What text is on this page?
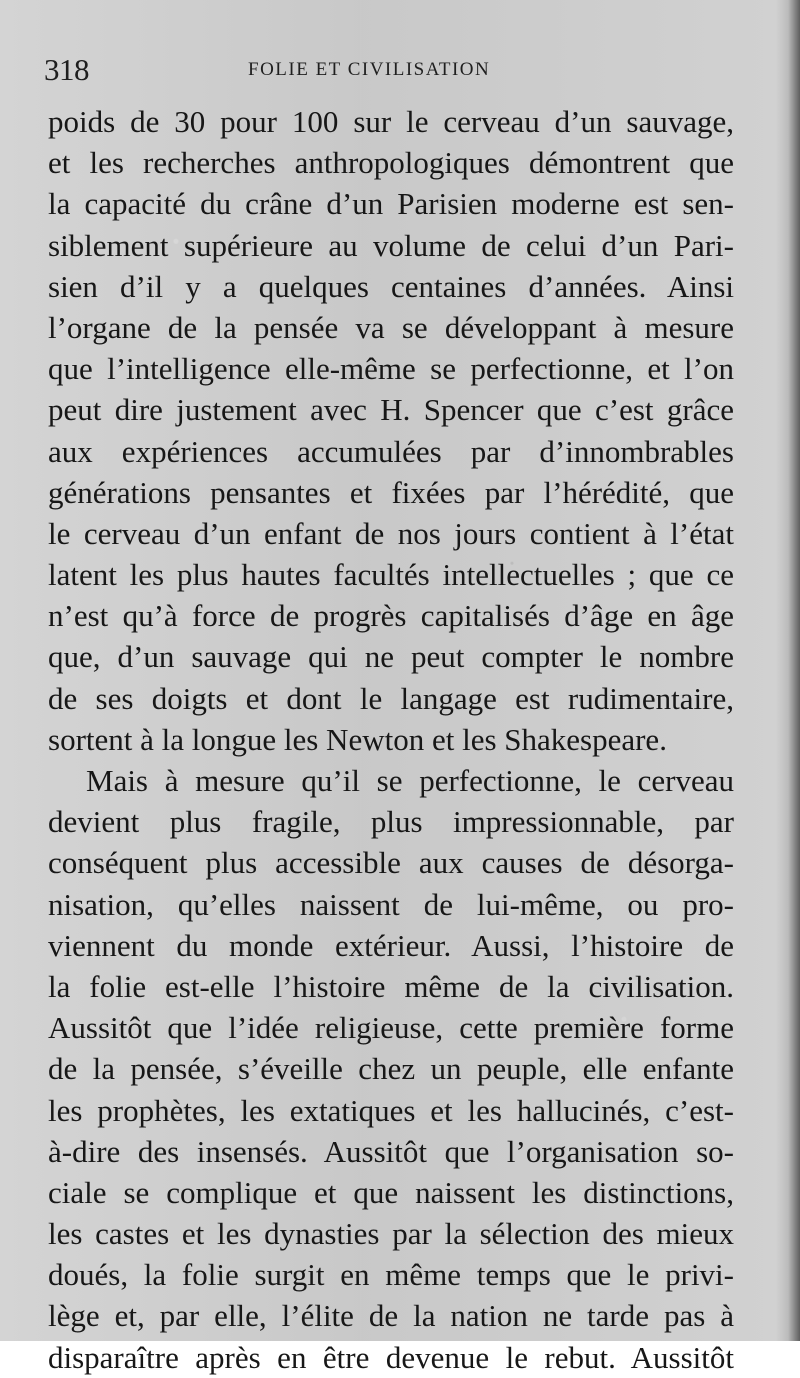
318	FOLIE ET CIVILISATION
poids de 30 pour 100 sur le cerveau d’un sauvage,
et les recherches anthropologiques démontrent que
la capacité du crâne d’un Parisien moderne est sen-
siblement supérieure au volume de celui d’un Pari-
sien d’il y a quelques centaines d’années. Ainsi
l’organe de la pensée va se développant à mesure
que l’intelligence elle-même se perfectionne, et l’on
peut dire justement avec H. Spencer que c’est grâce
aux expériences accumulées par d’innombrables
générations pensantes et fixées par l’hérédité, que
le cerveau d’un enfant de nos jours contient à l’état
latent les plus hautes facultés intellectuelles ; que ce
n’est qu’à force de progrès capitalisés d’âge en âge
que, d’un sauvage qui ne peut compter le nombre
de ses doigts et dont le langage est rudimentaire,
sortent à la longue les Newton et les Shakespeare.
Mais à mesure qu’il se perfectionne, le cerveau
devient plus fragile, plus impressionnable, par
conséquent plus accessible aux causes de désorga-
nisation, qu’elles naissent de lui-même, ou pro-
viennent du monde extérieur. Aussi, l’histoire de
la folie est-elle l’histoire même de la civilisation.
Aussitôt que l’idée religieuse, cette première forme
de la pensée, s’éveille chez un peuple, elle enfante
les prophètes, les extatiques et les hallucinés, c’est-
à-dire des insensés. Aussitôt que l’organisation so-
ciale se complique et que naissent les distinctions,
les castes et les dynasties par la sélection des mieux
doués, la folie surgit en même temps que le privi-
lège et, par elle, l’élite de la nation ne tarde pas à
disparaître après en être devenue le rebut. Aussitôt
